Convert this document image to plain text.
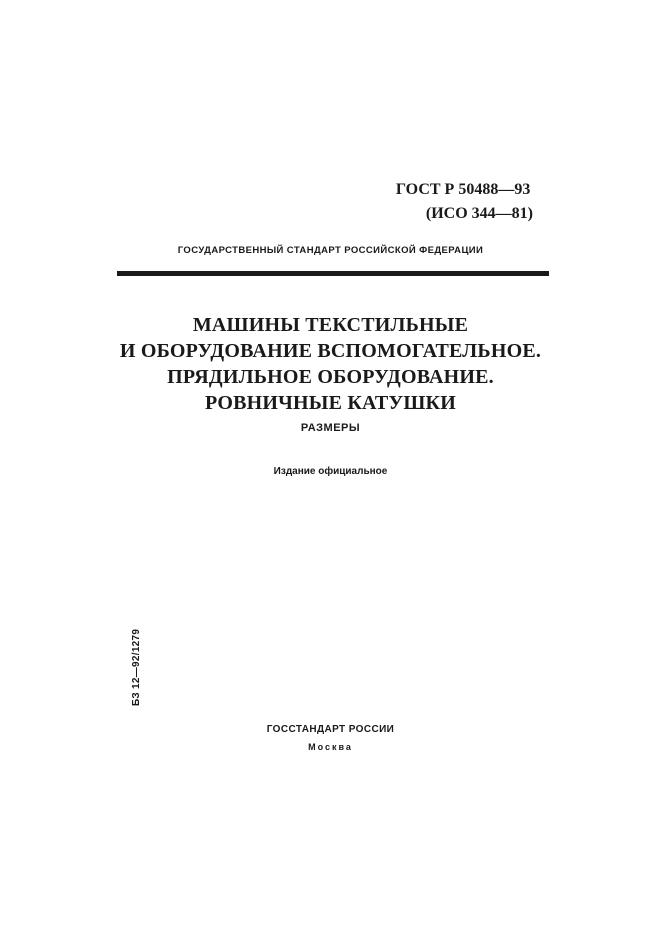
ГОСТ Р 50488—93
(ИСО 344—81)
ГОСУДАРСТВЕННЫЙ СТАНДАРТ РОССИЙСКОЙ ФЕДЕРАЦИИ
МАШИНЫ ТЕКСТИЛЬНЫЕ
И ОБОРУДОВАНИЕ ВСПОМОГАТЕЛЬНОЕ.
ПРЯДИЛЬНОЕ ОБОРУДОВАНИЕ.
РОВНИЧНЫЕ КАТУШКИ
РАЗМЕРЫ
Издание официальное
БЗ 12—92/1279
ГОССТАНДАРТ РОССИИ
Москва
